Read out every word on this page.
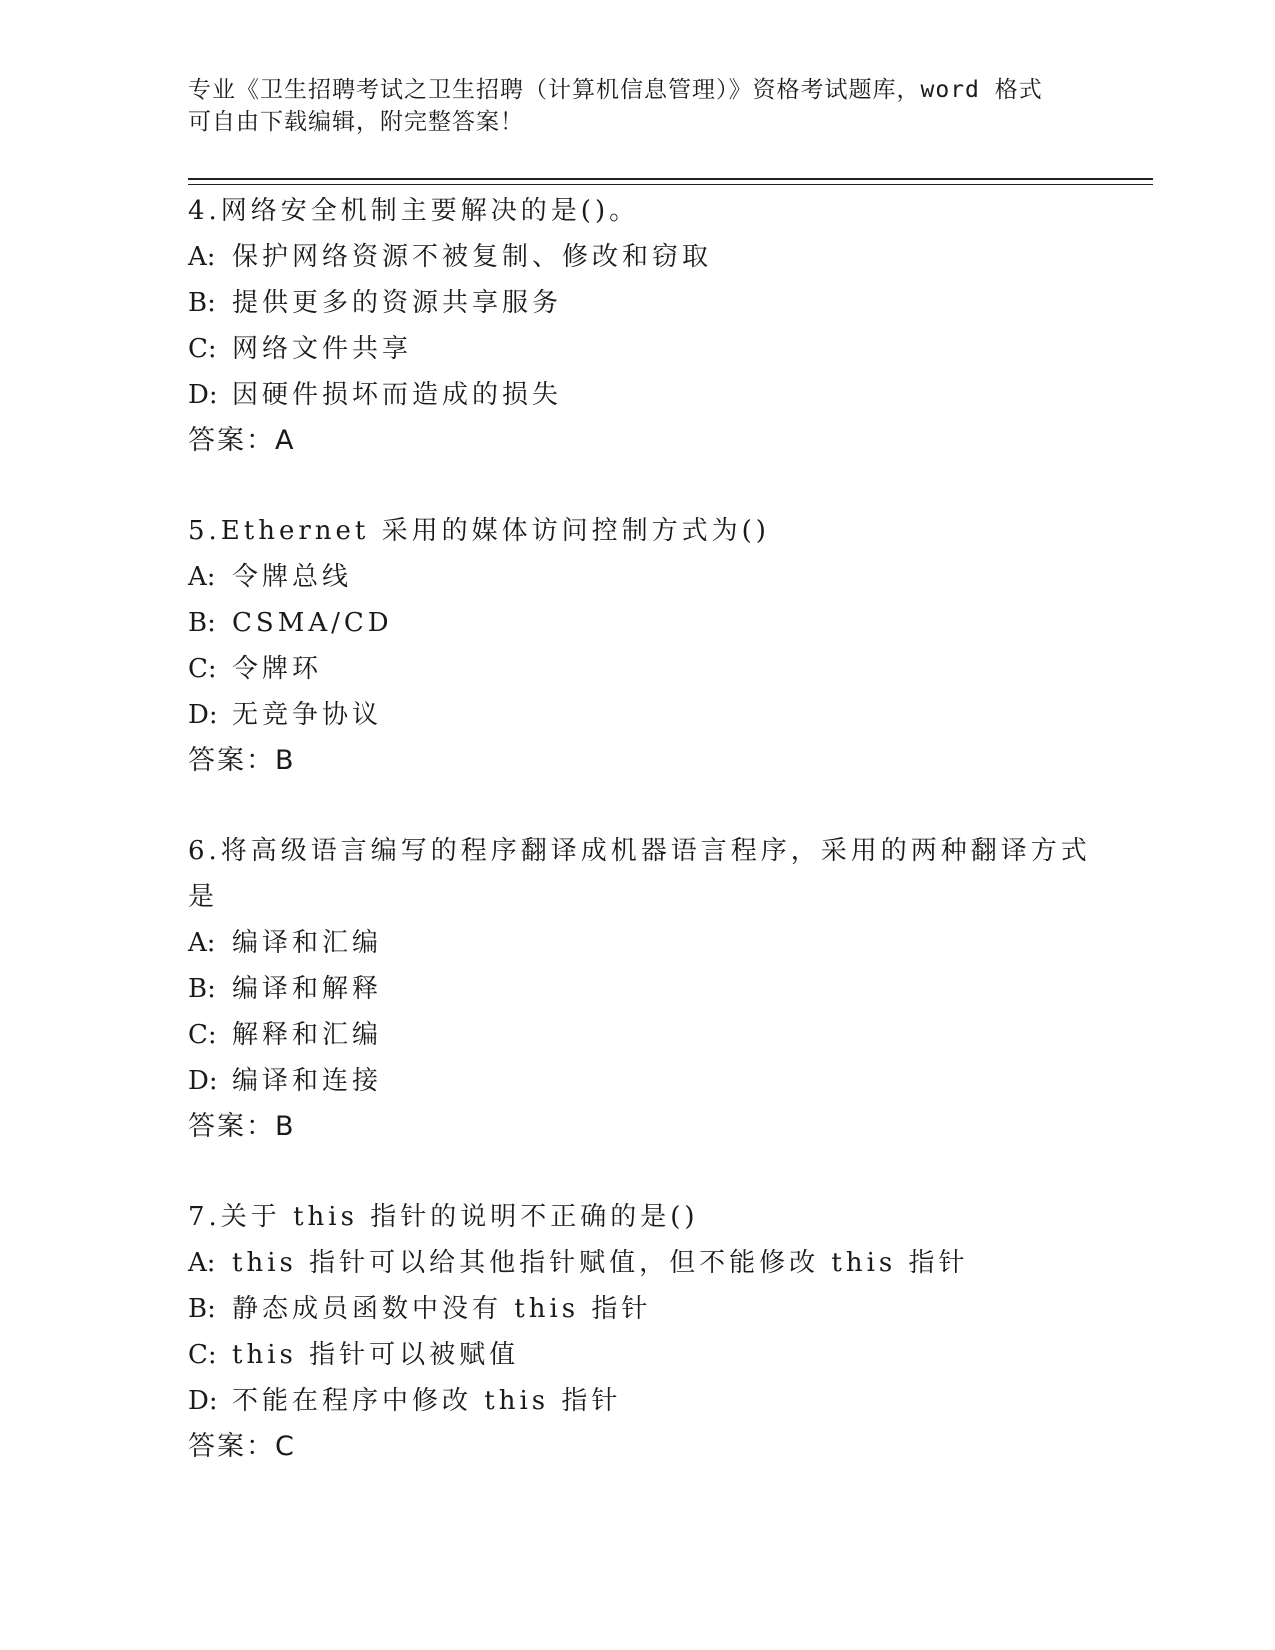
专业《卫生招聘考试之卫生招聘（计算机信息管理）》资格考试题库，word 格式
可自由下载编辑，附完整答案！
4.网络安全机制主要解决的是()。
A: 保护网络资源不被复制、修改和窃取
B: 提供更多的资源共享服务
C: 网络文件共享
D: 因硬件损坏而造成的损失
答案：A
5.Ethernet 采用的媒体访问控制方式为()
A: 令牌总线
B: CSMA/CD
C: 令牌环
D: 无竞争协议
答案：B
6.将高级语言编写的程序翻译成机器语言程序，采用的两种翻译方式
是
A: 编译和汇编
B: 编译和解释
C: 解释和汇编
D: 编译和连接
答案：B
7.关于 this 指针的说明不正确的是()
A: this 指针可以给其他指针赋值，但不能修改 this 指针
B: 静态成员函数中没有 this 指针
C: this 指针可以被赋值
D: 不能在程序中修改 this 指针
答案：C
